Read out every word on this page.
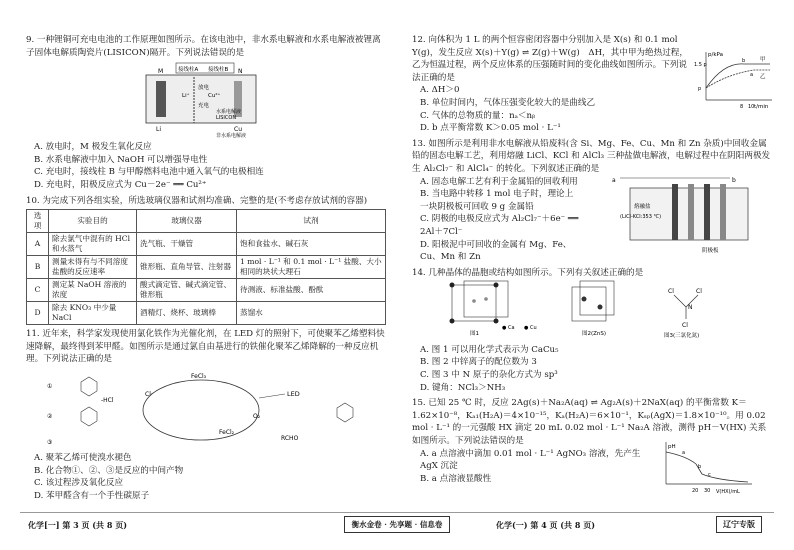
9. 一种锂铜可充电电池的工作原理如图所示。在该电池中，非水系电解液和水系电解液被锂离子固体电解质陶瓷片(LISICON)隔开。下列说法错误的是

接线柱A 接线柱B
M	N
放电
充电
Li⁺	Cu²⁺
Li	Cu
LISICON
水系电解液
非水系电解液

A. 放电时，M 极发生氧化反应

B. 水系电解液中加入 NaOH 可以增强导电性

C. 充电时，接线柱 B 与甲醇燃料电池中通入氧气的电极相连

D. 充电时，阳极反应式为 Cu－2e⁻ ══ Cu²⁺

10. 为完成下列各组实验，所选玻璃仪器和试剂均准确、完整的是(不考虑存放试剂的容器)

选项	实验目的	玻璃仪器	试剂
A	除去氯气中混有的 HCl 和水蒸气	洗气瓶、干燥管	饱和食盐水、碱石灰
B	测量未得有与不同溶度盐酸的反应速率	锥形瓶、直角导管、注射器	1 mol · L⁻¹ 和 0.1 mol · L⁻¹ 盐酸、大小相同的块状大理石
C	测定某 NaOH 溶液的浓度	酸式滴定管、碱式滴定管、锥形瓶	待测液、标准盐酸、酚酞
D	除去 KNO₃ 中少量 NaCl	酒精灯、烧杯、玻璃棒	蒸馏水

11. 近年来，科学家发现使用氯化铁作为光催化剂，在 LED 灯的照射下，可使聚苯乙烯塑料快速降解，最终得到苯甲醛。如图所示是通过氯自由基进行的铁催化聚苯乙烯降解的一种反应机理。下列说法正确的是

FeCl₃
FeCl₂
LED
RCHO
-HCl
Cl·
O₂
①
②
③

A. 聚苯乙烯可使溴水褪色

B. 化合物①、②、③是反应的中间产物

C. 该过程涉及氧化反应

D. 苯甲醛含有一个手性碳原子

12. 向体积为 1 L 的两个恒容密闭容器中分别加入是 X(s) 和 0.1 mol Y(g)，发生反应 X(s)＋Y(g) ⇌ Z(g)＋W(g)　ΔH，其中甲为绝热过程，乙为恒温过程，两个反应体系的压强随时间的变化曲线如图所示。下列说法正确的是

p/kPa
t/min
甲
乙
1.5 p
p
8 10
b
a

A. ΔH＞0

B. 单位时间内，气体压强变化较大的是曲线乙

C. 气体的总物质的量：nₐ＜nᵦ

D. b 点平衡常数 K＞0.05 mol · L⁻¹

13. 如图所示是利用非水电解液从铅废料(含 Si、Mg、Fe、Cu、Mn 和 Zn 杂质)中回收金属铅的固态电解工艺，利用熔融 LiCl、KCl 和 AlCl₃ 三种盐做电解液，电解过程中在阴阳两极发生 Al₂Cl₇⁻ 和 AlCl₄⁻ 的转化。下列叙述正确的是

A. 固态电解工艺有利于金属铅的回收利用

B. 当电路中转移 1 mol 电子时，理论上一块阴极板可回收 9 g 金属铅

C. 阴极的电极反应式为 Al₂Cl₇⁻＋6e⁻ ══ 2Al＋7Cl⁻

D. 阳极泥中可回收的金属有 Mg、Fe、Cu、Mn 和 Zn

a	b
熔融盐
(LiCl-KCl:353 ℃)
阴极板

14. 几种晶体的晶胞或结构如图所示。下列有关叙述正确的是

图1
● Ca ● Cu
图2(ZnS)
Cl	Cl
N
Cl
图3(三氯化氮)

A. 图 1 可以用化学式表示为 CaCu₅

B. 图 2 中锌离子的配位数为 3

C. 图 3 中 N 原子的杂化方式为 sp³

D. 键角：NCl₃＞NH₃

15. 已知 25 ℃ 时，反应 2Ag(s)＋Na₂A(aq) ⇌ Ag₂A(s)＋2NaX(aq) 的平衡常数 K＝1.62×10⁻⁸，Kₐ₁(H₂A)＝4×10⁻¹⁵，Kₐ(H₂A)＝6×10⁻¹，Kₛₚ(AgX)＝1.8×10⁻¹⁰。用 0.02 mol · L⁻¹ 的一元强酸 HX 滴定 20 mL 0.02 mol · L⁻¹ Na₂A 溶液，测得 pH－V(HX) 关系如图所示。下列说法错误的是

A. a 点溶液中滴加 0.01 mol · L⁻¹ AgNO₃ 溶液，先产生 AgX 沉淀

B. a 点溶液显酸性

pH
V(HX)/mL
20 30
a
b
c
化学[一] 第 3 页 (共 8 页)	衡水金卷 · 先享题 · 信息卷	化学(一) 第 4 页 (共 8 页)	辽宁专版
